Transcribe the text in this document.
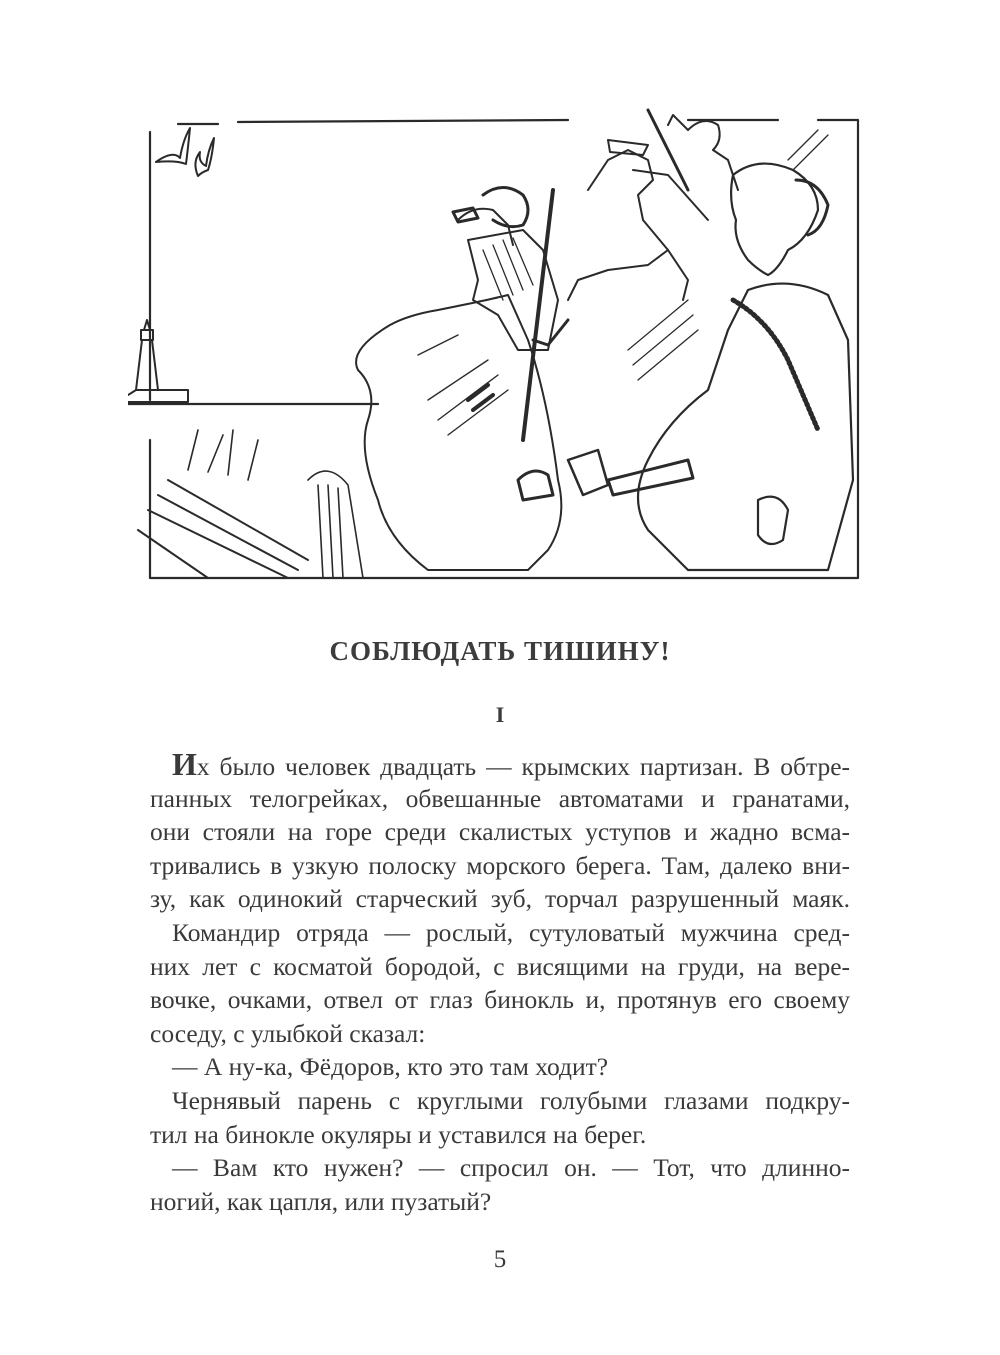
СОБЛЮДАТЬ ТИШИНУ!
I
Их было человек двадцать — крымских партизан. В обтре-
панных телогрейках, обвешанные автоматами и гранатами,
они стояли на горе среди скалистых уступов и жадно всма-
тривались в узкую полоску морского берега. Там, далеко вни-
зу, как одинокий старческий зуб, торчал разрушенный маяк.
Командир отряда — рослый, сутуловатый мужчина сред-
них лет с косматой бородой, с висящими на груди, на вере-
вочке, очками, отвел от глаз бинокль и, протянув его своему
соседу, с улыбкой сказал:
— А ну-ка, Фёдоров, кто это там ходит?
Чернявый парень с круглыми голубыми глазами подкру-
тил на бинокле окуляры и уставился на берег.
— Вам кто нужен? — спросил он. — Тот, что длинно-
ногий, как цапля, или пузатый?
5
